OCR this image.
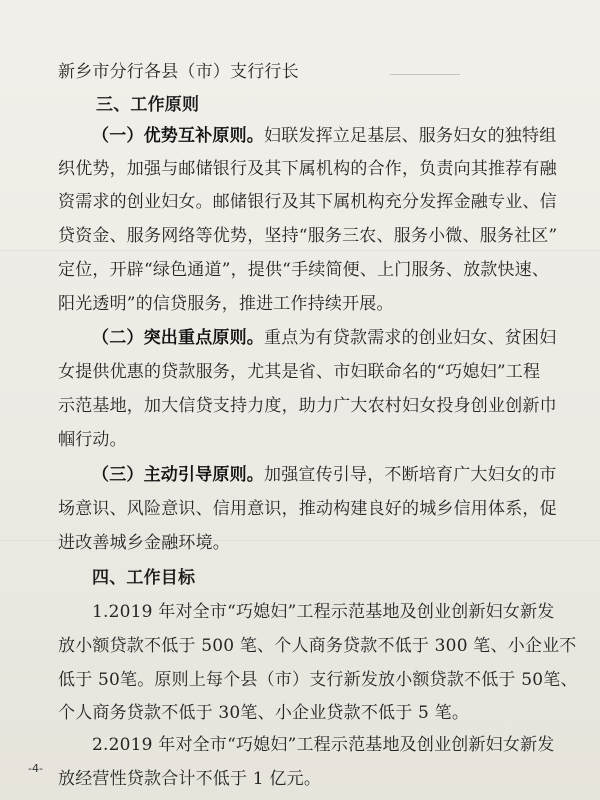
新乡市分行各县（市）支行行长
三、工作原则
（一）优势互补原则。妇联发挥立足基层、服务妇女的独特组
织优势，加强与邮储银行及其下属机构的合作，负责向其推荐有融
资需求的创业妇女。邮储银行及其下属机构充分发挥金融专业、信
贷资金、服务网络等优势，坚持“服务三农、服务小微、服务社区”
定位，开辟“绿色通道”，提供“手续简便、上门服务、放款快速、
阳光透明”的信贷服务，推进工作持续开展。
（二）突出重点原则。重点为有贷款需求的创业妇女、贫困妇
女提供优惠的贷款服务，尤其是省、市妇联命名的“巧媳妇”工程
示范基地，加大信贷支持力度，助力广大农村妇女投身创业创新巾
帼行动。
（三）主动引导原则。加强宣传引导，不断培育广大妇女的市
场意识、风险意识、信用意识，推动构建良好的城乡信用体系，促
进改善城乡金融环境。
四、工作目标
1.2019 年对全市“巧媳妇”工程示范基地及创业创新妇女新发
放小额贷款不低于 500 笔、个人商务贷款不低于 300 笔、小企业不
低于 50笔。原则上每个县（市）支行新发放小额贷款不低于 50笔、
个人商务贷款不低于 30笔、小企业贷款不低于 5 笔。
2.2019 年对全市“巧媳妇”工程示范基地及创业创新妇女新发
放经营性贷款合计不低于 1 亿元。
-4-
